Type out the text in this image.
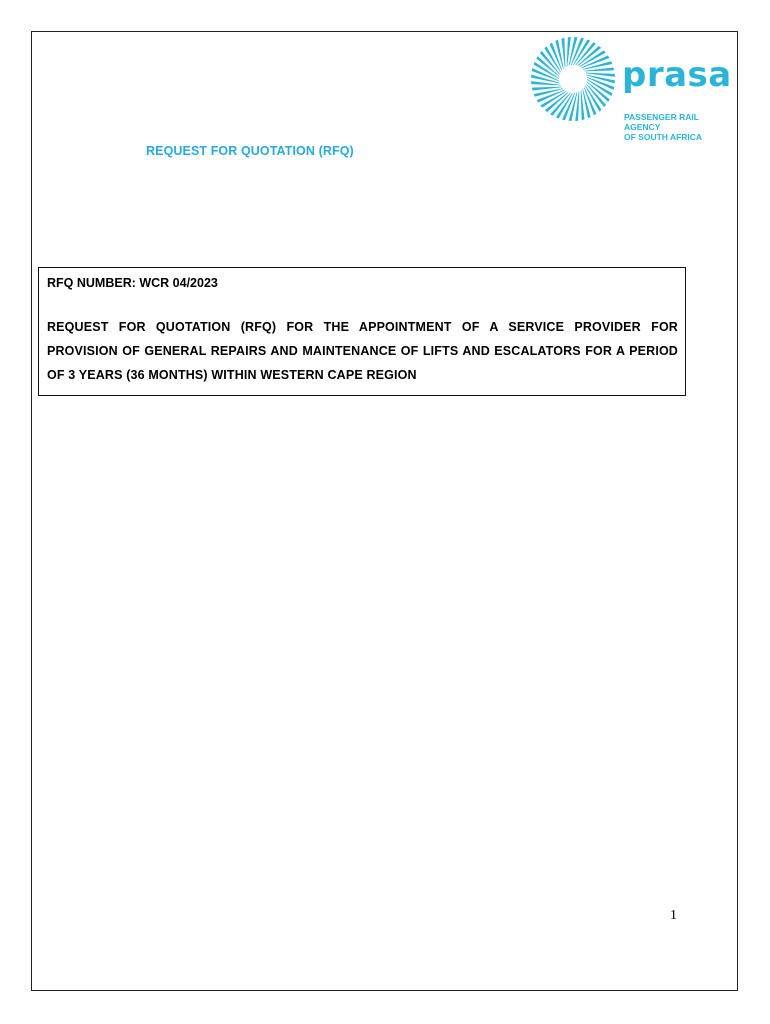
prasa
PASSENGER RAIL AGENCY
OF SOUTH AFRICA
REQUEST FOR QUOTATION (RFQ)
RFQ NUMBER: WCR 04/2023
REQUEST FOR QUOTATION (RFQ) FOR THE APPOINTMENT OF A SERVICE PROVIDER FOR PROVISION OF GENERAL REPAIRS AND MAINTENANCE OF LIFTS AND ESCALATORS FOR A PERIOD OF 3 YEARS (36 MONTHS) WITHIN WESTERN CAPE REGION
1
